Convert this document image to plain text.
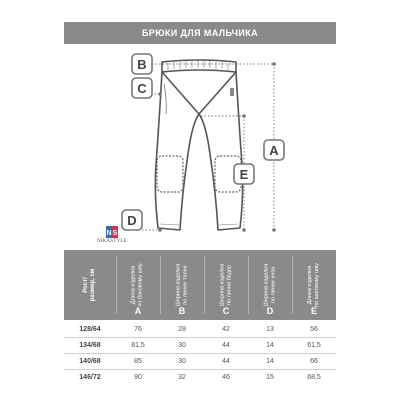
БРЮКИ ДЛЯ МАЛЬЧИКА
B
C
A
E
D
N S
NIKASTYLE
Рост/
размер, см
Длина изделия
по боковому шву
A
Ширина изделия
по линии талии
B
Ширина изделия
по линии бедер
C
Ширина изделия
по линии низа
D
Длина изделия
по шаговому шву
E
128/64	76	28	42	13	56
134/68	81,5	30	44	14	61,5
140/68	85	30	44	14	66
146/72	90	32	46	15	68,5
